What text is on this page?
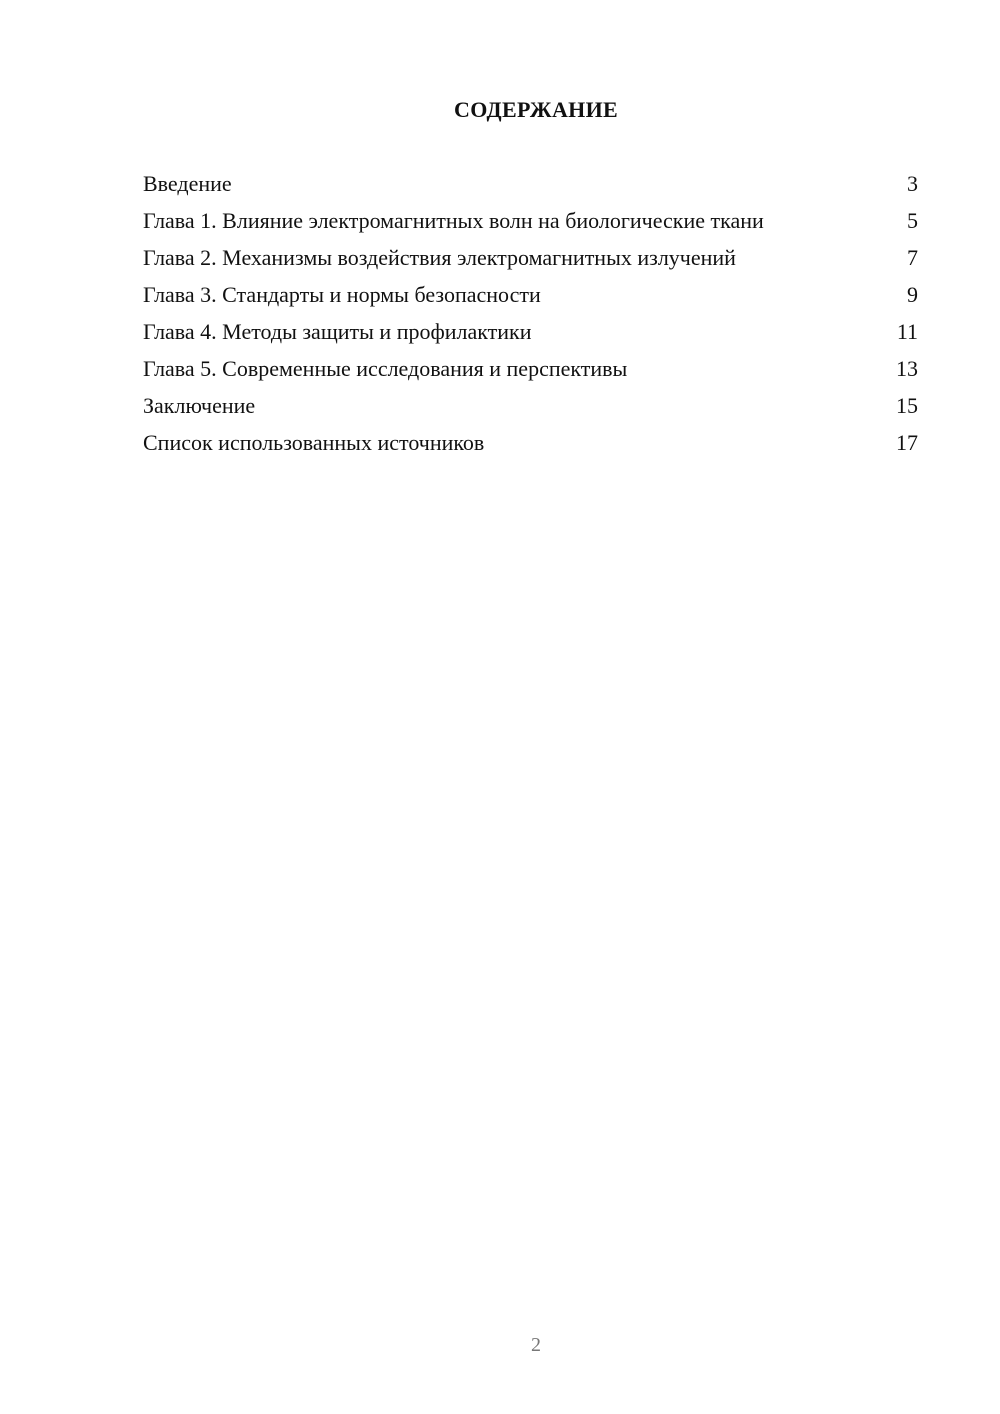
СОДЕРЖАНИЕ
Введение	3
Глава 1. Влияние электромагнитных волн на биологические ткани	5
Глава 2. Механизмы воздействия электромагнитных излучений	7
Глава 3. Стандарты и нормы безопасности	9
Глава 4. Методы защиты и профилактики	11
Глава 5. Современные исследования и перспективы	13
Заключение	15
Список использованных источников	17

2
